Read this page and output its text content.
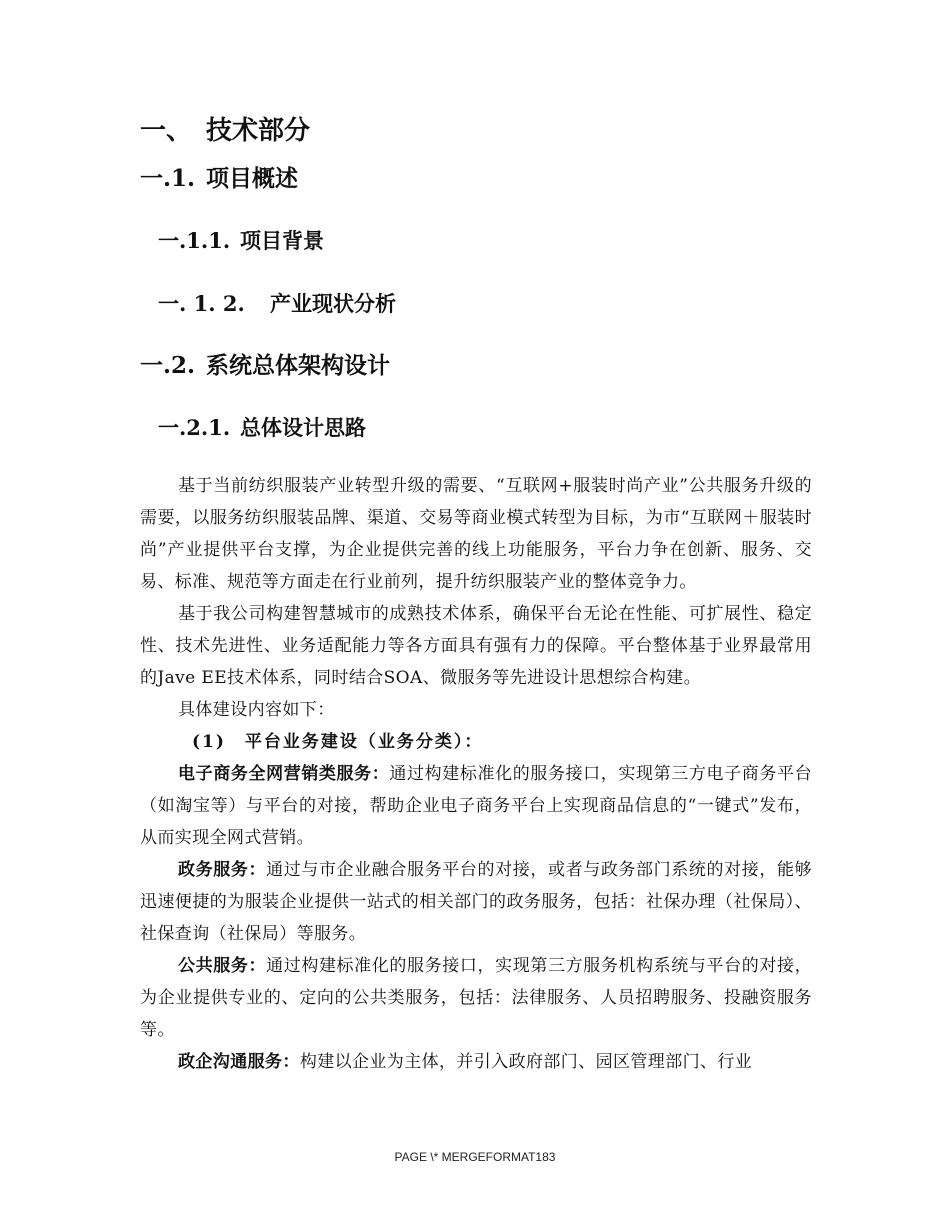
一、 技术部分
一.1. 项目概述
一.1.1. 项目背景
一. 1. 2. 产业现状分析
一.2. 系统总体架构设计
一.2.1. 总体设计思路

基于当前纺织服装产业转型升级的需要、“互联网+服装时尚产业”公共服务升级的需要，以服务纺织服装品牌、渠道、交易等商业模式转型为目标，为市“互联网＋服装时尚”产业提供平台支撑，为企业提供完善的线上功能服务，平台力争在创新、服务、交易、标准、规范等方面走在行业前列，提升纺织服装产业的整体竞争力。

基于我公司构建智慧城市的成熟技术体系，确保平台无论在性能、可扩展性、稳定性、技术先进性、业务适配能力等各方面具有强有力的保障。平台整体基于业界最常用的Jave EE技术体系，同时结合SOA、微服务等先进设计思想综合构建。

具体建设内容如下：

(1)　平台业务建设（业务分类）：

电子商务全网营销类服务：通过构建标准化的服务接口，实现第三方电子商务平台（如淘宝等）与平台的对接，帮助企业电子商务平台上实现商品信息的“一键式”发布，从而实现全网式营销。

政务服务：通过与市企业融合服务平台的对接，或者与政务部门系统的对接，能够迅速便捷的为服装企业提供一站式的相关部门的政务服务，包括：社保办理（社保局）、社保查询（社保局）等服务。

公共服务：通过构建标准化的服务接口，实现第三方服务机构系统与平台的对接，为企业提供专业的、定向的公共类服务，包括：法律服务、人员招聘服务、投融资服务等。

政企沟通服务：构建以企业为主体，并引入政府部门、园区管理部门、行业

PAGE \* MERGEFORMAT183
